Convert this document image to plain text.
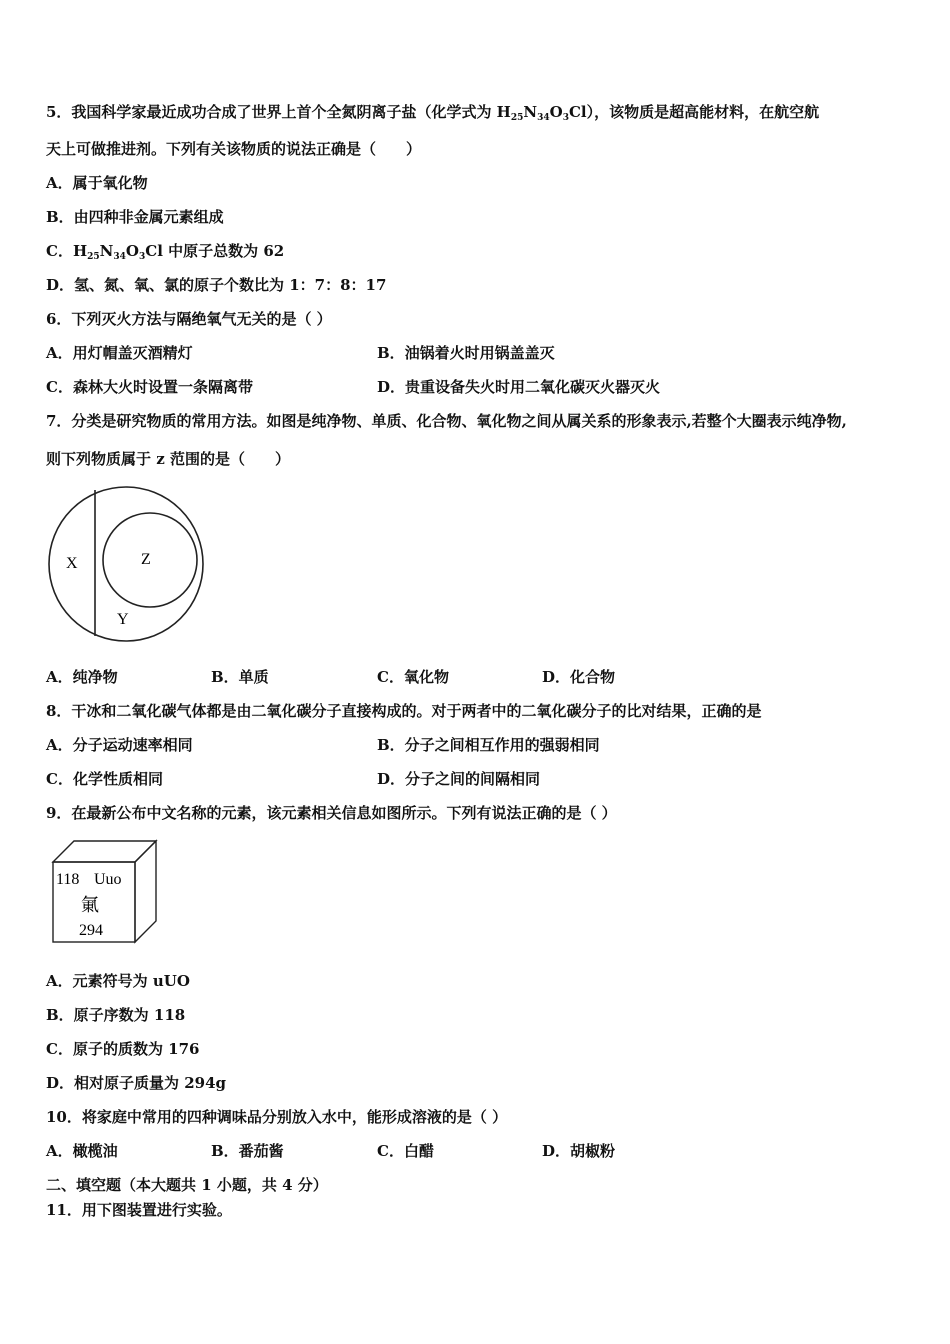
5．我国科学家最近成功合成了世界上首个全氮阴离子盐（化学式为 $H_{25}N_{34}O_3Cl$），该物质是超高能材料，在航空航
天上可做推进剂。下列有关该物质的说法正确是（　　）
A．属于氧化物
B．由四种非金属元素组成
C．$H_{25}N_{34}O_3Cl$ 中原子总数为 62
D．氢、氮、氧、氯的原子个数比为 1：7：8：17
6．下列灭火方法与隔绝氧气无关的是（ ）
A．用灯帽盖灭酒精灯	B．油锅着火时用锅盖盖灭
C．森林大火时设置一条隔离带	D．贵重设备失火时用二氧化碳灭火器灭火
7．分类是研究物质的常用方法。如图是纯净物、单质、化合物、氧化物之间从属关系的形象表示,若整个大圈表示纯净物,
则下列物质属于 z 范围的是（　　）
X	Z
Y
A．纯净物	B．单质	C．氧化物	D．化合物
8．干冰和二氧化碳气体都是由二氧化碳分子直接构成的。对于两者中的二氧化碳分子的比对结果，正确的是
A．分子运动速率相同	B．分子之间相互作用的强弱相同
C．化学性质相同	D．分子之间的间隔相同
9．在最新公布中文名称的元素，该元素相关信息如图所示。下列有说法正确的是（ ）
118 Uuo
氭
294
A．元素符号为 uUO
B．原子序数为 118
C．原子的质数为 176
D．相对原子质量为 294g
10．将家庭中常用的四种调味品分别放入水中，能形成溶液的是（ ）
A．橄榄油	B．番茄酱	C．白醋	D．胡椒粉
二、填空题（本大题共 1 小题，共 4 分）
11．用下图装置进行实验。
